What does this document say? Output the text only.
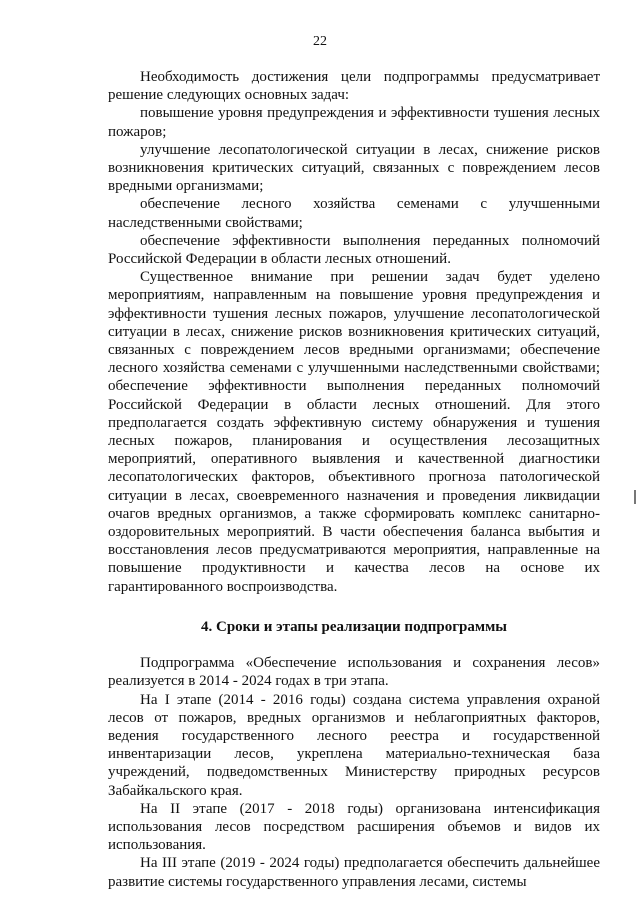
22

Необходимость достижения цели подпрограммы предусматривает решение следующих основных задач:

повышение уровня предупреждения и эффективности тушения лесных пожаров;

улучшение лесопатологической ситуации в лесах, снижение рисков возникновения критических ситуаций, связанных с повреждением лесов вредными организмами;

обеспечение лесного хозяйства семенами с улучшенными наследственными свойствами;

обеспечение эффективности выполнения переданных полномочий Российской Федерации в области лесных отношений.

Существенное внимание при решении задач будет уделено мероприятиям, направленным на повышение уровня предупреждения и эффективности тушения лесных пожаров, улучшение лесопатологической ситуации в лесах, снижение рисков возникновения критических ситуаций, связанных с повреждением лесов вредными организмами; обеспечение лесного хозяйства семенами с улучшенными наследственными свойствами; обеспечение эффективности выполнения переданных полномочий Российской Федерации в области лесных отношений. Для этого предполагается создать эффективную систему обнаружения и тушения лесных пожаров, планирования и осуществления лесозащитных мероприятий, оперативного выявления и качественной диагностики лесопатологических факторов, объективного прогноза патологической ситуации в лесах, своевременного назначения и проведения ликвидации очагов вредных организмов, а также сформировать комплекс санитарно-оздоровительных мероприятий. В части обеспечения баланса выбытия и восстановления лесов предусматриваются мероприятия, направленные на повышение продуктивности и качества лесов на основе их гарантированного воспроизводства.

4. Сроки и этапы реализации подпрограммы

Подпрограмма «Обеспечение использования и сохранения лесов» реализуется в 2014 - 2024 годах в три этапа.

На I этапе (2014 - 2016 годы) создана система управления охраной лесов от пожаров, вредных организмов и неблагоприятных факторов, ведения государственного лесного реестра и государственной инвентаризации лесов, укреплена материально-техническая база учреждений, подведомственных Министерству природных ресурсов Забайкальского края.

На II этапе (2017 - 2018 годы) организована интенсификация использования лесов посредством расширения объемов и видов их использования.

На III этапе (2019 - 2024 годы) предполагается обеспечить дальнейшее развитие системы государственного управления лесами, системы
